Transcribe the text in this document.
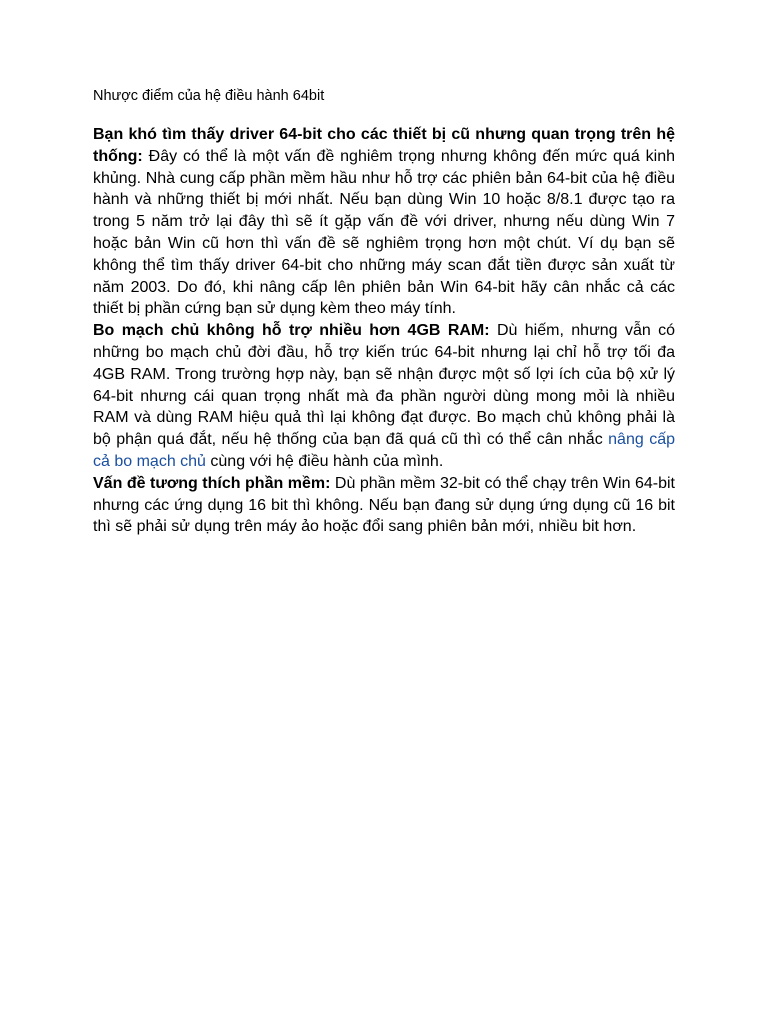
Nhược điểm của hệ điều hành 64bit

Bạn khó tìm thấy driver 64-bit cho các thiết bị cũ nhưng quan trọng trên hệ thống: Đây có thể là một vấn đề nghiêm trọng nhưng không đến mức quá kinh khủng. Nhà cung cấp phần mềm hầu như hỗ trợ các phiên bản 64-bit của hệ điều hành và những thiết bị mới nhất. Nếu bạn dùng Win 10 hoặc 8/8.1 được tạo ra trong 5 năm trở lại đây thì sẽ ít gặp vấn đề với driver, nhưng nếu dùng Win 7 hoặc bản Win cũ hơn thì vấn đề sẽ nghiêm trọng hơn một chút. Ví dụ bạn sẽ không thể tìm thấy driver 64-bit cho những máy scan đắt tiền được sản xuất từ năm 2003. Do đó, khi nâng cấp lên phiên bản Win 64-bit hãy cân nhắc cả các thiết bị phần cứng bạn sử dụng kèm theo máy tính.

Bo mạch chủ không hỗ trợ nhiều hơn 4GB RAM: Dù hiếm, nhưng vẫn có những bo mạch chủ đời đầu, hỗ trợ kiến trúc 64-bit nhưng lại chỉ hỗ trợ tối đa 4GB RAM. Trong trường hợp này, bạn sẽ nhận được một số lợi ích của bộ xử lý 64-bit nhưng cái quan trọng nhất mà đa phần người dùng mong mỏi là nhiều RAM và dùng RAM hiệu quả thì lại không đạt được. Bo mạch chủ không phải là bộ phận quá đắt, nếu hệ thống của bạn đã quá cũ thì có thể cân nhắc nâng cấp cả bo mạch chủ cùng với hệ điều hành của mình.

Vấn đề tương thích phần mềm: Dù phần mềm 32-bit có thể chạy trên Win 64-bit nhưng các ứng dụng 16 bit thì không. Nếu bạn đang sử dụng ứng dụng cũ 16 bit thì sẽ phải sử dụng trên máy ảo hoặc đổi sang phiên bản mới, nhiều bit hơn.
